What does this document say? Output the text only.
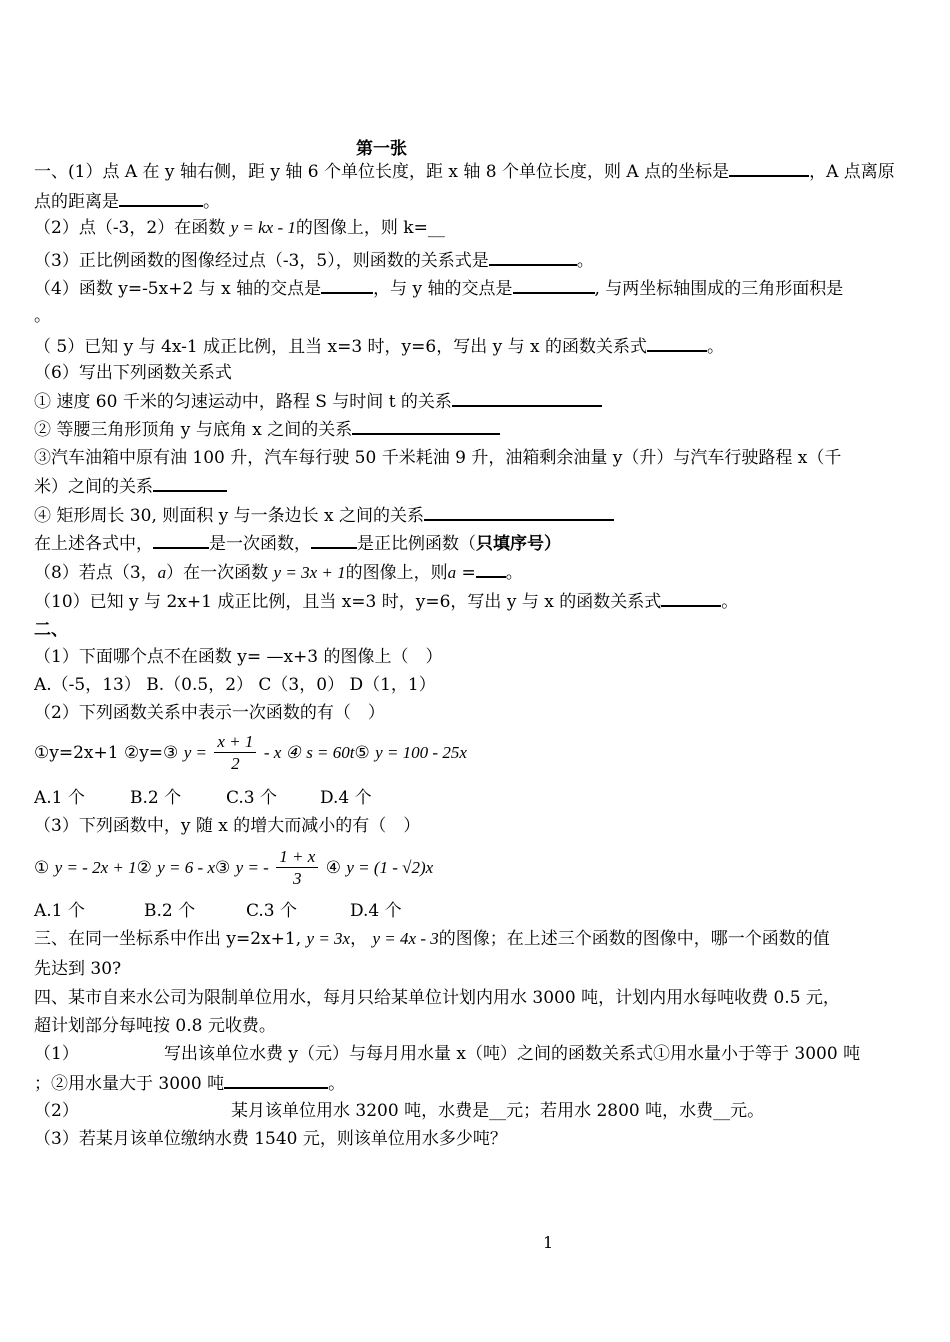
第一张
一、(1）点 A 在 y 轴右侧，距 y 轴 6 个单位长度，距 x 轴 8 个单位长度，则 A 点的坐标是	，A 点离原
点的距离是	。
（2）点（-3，2）在函数 y = kx - 1的图像上，则 k=__
（3）正比例函数的图像经过点（-3，5），则函数的关系式是	。
（4）函数 y=-5x+2 与 x 轴的交点是	，与 y 轴的交点是	, 与两坐标轴围成的三角形面积是
。
（ 5）已知 y 与 4x-1 成正比例，且当 x=3 时，y=6，写出 y 与 x 的函数关系式	。
（6）写出下列函数关系式
① 速度 60 千米的匀速运动中，路程 S 与时间 t 的关系
② 等腰三角形顶角 y 与底角 x 之间的关系
③汽车油箱中原有油 100 升，汽车每行驶 50 千米耗油 9 升，油箱剩余油量 y（升）与汽车行驶路程 x（千
米）之间的关系
④ 矩形周长 30, 则面积 y 与一条边长 x 之间的关系
在上述各式中，	是一次函数，	是正比例函数（只填序号）
（8）若点（3，a）在一次函数 y = 3x + 1的图像上，则a = 。
（10）已知 y 与 2x+1 成正比例，且当 x=3 时，y=6，写出 y 与 x 的函数关系式	。
二、
（1）下面哪个点不在函数 y= —x+3 的图像上（　）
A.（-5，13） B.（0.5，2） C（3，0） D（1，1）
（2）下列函数关系中表示一次函数的有（　）
①y=2x+1 ②y=③ $y = \frac{x + 1}{2} - x$ ④ s = 60t⑤ y = 100 - 25x
A.1 个	B.2 个	C.3 个	D.4 个
（3）下列函数中，y 随 x 的增大而减小的有（　）
① y = - 2x + 1② y = 6 - x③ y = - $\frac{1 + x}{3}$ ④ y = (1 - √2)x
A.1 个	B.2 个	C.3 个	D.4 个
三、在同一坐标系中作出 y=2x+1, y = 3x， y = 4x - 3的图像；在上述三个函数的图像中，哪一个函数的值
先达到 30?
四、某市自来水公司为限制单位用水，每月只给某单位计划内用水 3000 吨，计划内用水每吨收费 0.5 元，
超计划部分每吨按 0.8 元收费。
（1）	写出该单位水费 y（元）与每月用水量 x（吨）之间的函数关系式①用水量小于等于 3000 吨
；②用水量大于 3000 吨	。
（2）	某月该单位用水 3200 吨，水费是__元；若用水 2800 吨，水费__元。
（3）若某月该单位缴纳水费 1540 元，则该单位用水多少吨？
1
